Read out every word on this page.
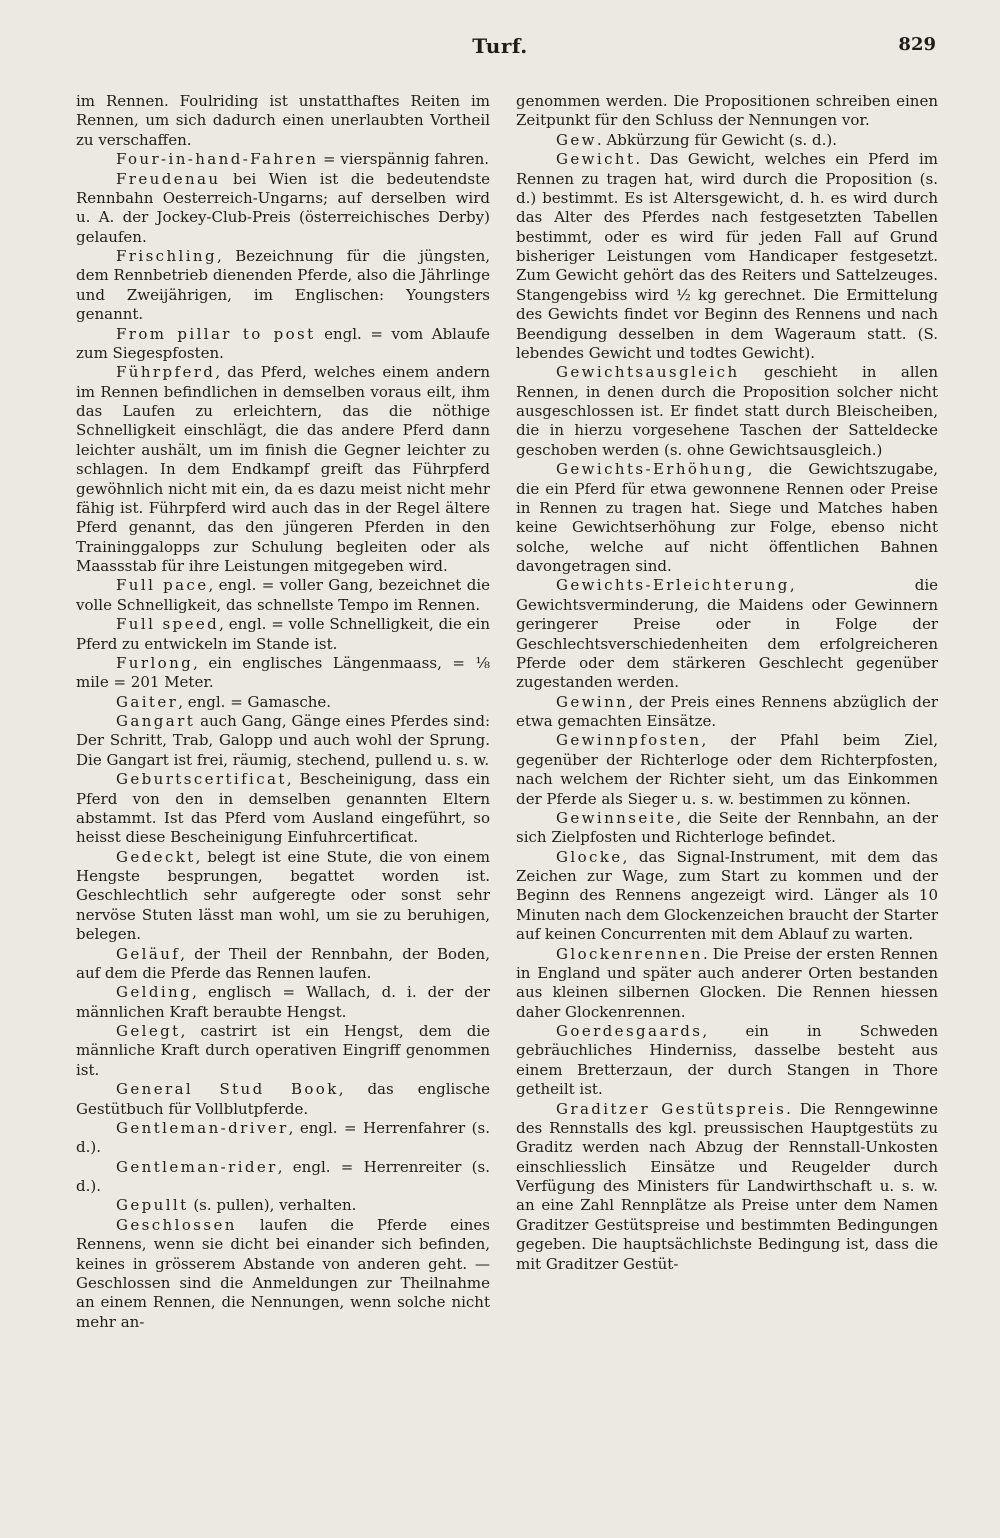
Turf.	829

im Rennen. Foulriding ist unstatthaftes Reiten im Rennen, um sich dadurch einen unerlaubten Vortheil zu verschaffen.

Four-in-hand-Fahren = vierspännig fahren.

Freudenau bei Wien ist die bedeutendste Rennbahn Oesterreich-Ungarns; auf derselben wird u. A. der Jockey-Club-Preis (österreichisches Derby) gelaufen.

Frischling, Bezeichnung für die jüngsten, dem Rennbetrieb dienenden Pferde, also die Jährlinge und Zweijährigen, im Englischen: Youngsters genannt.

From pillar to post engl. = vom Ablaufe zum Siegespfosten.

Führpferd, das Pferd, welches einem andern im Rennen befindlichen in demselben voraus eilt, ihm das Laufen zu erleichtern, das die nöthige Schnelligkeit einschlägt, die das andere Pferd dann leichter aushält, um im finish die Gegner leichter zu schlagen. In dem Endkampf greift das Führpferd gewöhnlich nicht mit ein, da es dazu meist nicht mehr fähig ist. Führpferd wird auch das in der Regel ältere Pferd genannt, das den jüngeren Pferden in den Traininggalopps zur Schulung begleiten oder als Maassstab für ihre Leistungen mitgegeben wird.

Full pace, engl. = voller Gang, bezeichnet die volle Schnelligkeit, das schnellste Tempo im Rennen.

Full speed, engl. = volle Schnelligkeit, die ein Pferd zu entwickeln im Stande ist.

Furlong, ein englisches Längenmaass, = ⅛ mile = 201 Meter.

Gaiter, engl. = Gamasche.

Gangart auch Gang, Gänge eines Pferdes sind: Der Schritt, Trab, Galopp und auch wohl der Sprung. Die Gangart ist frei, räumig, stechend, pullend u. s. w.

Geburtscertificat, Bescheinigung, dass ein Pferd von den in demselben genannten Eltern abstammt. Ist das Pferd vom Ausland eingeführt, so heisst diese Bescheinigung Einfuhrcertificat.

Gedeckt, belegt ist eine Stute, die von einem Hengste besprungen, begattet worden ist. Geschlechtlich sehr aufgeregte oder sonst sehr nervöse Stuten lässt man wohl, um sie zu beruhigen, belegen.

Geläuf, der Theil der Rennbahn, der Boden, auf dem die Pferde das Rennen laufen.

Gelding, englisch = Wallach, d. i. der der männlichen Kraft beraubte Hengst.

Gelegt, castrirt ist ein Hengst, dem die männliche Kraft durch operativen Eingriff genommen ist.

General Stud Book, das englische Gestütbuch für Vollblutpferde.

Gentleman-driver, engl. = Herrenfahrer (s. d.).

Gentleman-rider, engl. = Herrenreiter (s. d.).

Gepullt (s. pullen), verhalten.

Geschlossen laufen die Pferde eines Rennens, wenn sie dicht bei einander sich befinden, keines in grösserem Abstande von anderen geht. — Geschlossen sind die Anmeldungen zur Theilnahme an einem Rennen, die Nennungen, wenn solche nicht mehr an-

genommen werden. Die Propositionen schreiben einen Zeitpunkt für den Schluss der Nennungen vor.

Gew. Abkürzung für Gewicht (s. d.).

Gewicht. Das Gewicht, welches ein Pferd im Rennen zu tragen hat, wird durch die Proposition (s. d.) bestimmt. Es ist Altersgewicht, d. h. es wird durch das Alter des Pferdes nach festgesetzten Tabellen bestimmt, oder es wird für jeden Fall auf Grund bisheriger Leistungen vom Handicaper festgesetzt. Zum Gewicht gehört das des Reiters und Sattelzeuges. Stangengebiss wird ½ kg gerechnet. Die Ermittelung des Gewichts findet vor Beginn des Rennens und nach Beendigung desselben in dem Wageraum statt. (S. lebendes Gewicht und todtes Gewicht).

Gewichtsausgleich geschieht in allen Rennen, in denen durch die Proposition solcher nicht ausgeschlossen ist. Er findet statt durch Bleischeiben, die in hierzu vorgesehene Taschen der Satteldecke geschoben werden (s. ohne Gewichtsausgleich.)

Gewichts-Erhöhung, die Gewichtszugabe, die ein Pferd für etwa gewonnene Rennen oder Preise in Rennen zu tragen hat. Siege und Matches haben keine Gewichtserhöhung zur Folge, ebenso nicht solche, welche auf nicht öffentlichen Bahnen davongetragen sind.

Gewichts-Erleichterung, die Gewichtsverminderung, die Maidens oder Gewinnern geringerer Preise oder in Folge der Geschlechtsverschiedenheiten dem erfolgreicheren Pferde oder dem stärkeren Geschlecht gegenüber zugestanden werden.

Gewinn, der Preis eines Rennens abzüglich der etwa gemachten Einsätze.

Gewinnpfosten, der Pfahl beim Ziel, gegenüber der Richterloge oder dem Richterpfosten, nach welchem der Richter sieht, um das Einkommen der Pferde als Sieger u. s. w. bestimmen zu können.

Gewinnseite, die Seite der Rennbahn, an der sich Zielpfosten und Richterloge befindet.

Glocke, das Signal-Instrument, mit dem das Zeichen zur Wage, zum Start zu kommen und der Beginn des Rennens angezeigt wird. Länger als 10 Minuten nach dem Glockenzeichen braucht der Starter auf keinen Concurrenten mit dem Ablauf zu warten.

Glockenrennen. Die Preise der ersten Rennen in England und später auch anderer Orten bestanden aus kleinen silbernen Glocken. Die Rennen hiessen daher Glockenrennen.

Goerdesgaards, ein in Schweden gebräuchliches Hinderniss, dasselbe besteht aus einem Bretterzaun, der durch Stangen in Thore getheilt ist.

Graditzer Gestütspreis. Die Renngewinne des Rennstalls des kgl. preussischen Hauptgestüts zu Graditz werden nach Abzug der Rennstall-Unkosten einschliesslich Einsätze und Reugelder durch Verfügung des Ministers für Landwirthschaft u. s. w. an eine Zahl Rennplätze als Preise unter dem Namen Graditzer Gestütspreise und bestimmten Bedingungen gegeben. Die hauptsächlichste Bedingung ist, dass die mit Graditzer Gestüt-
